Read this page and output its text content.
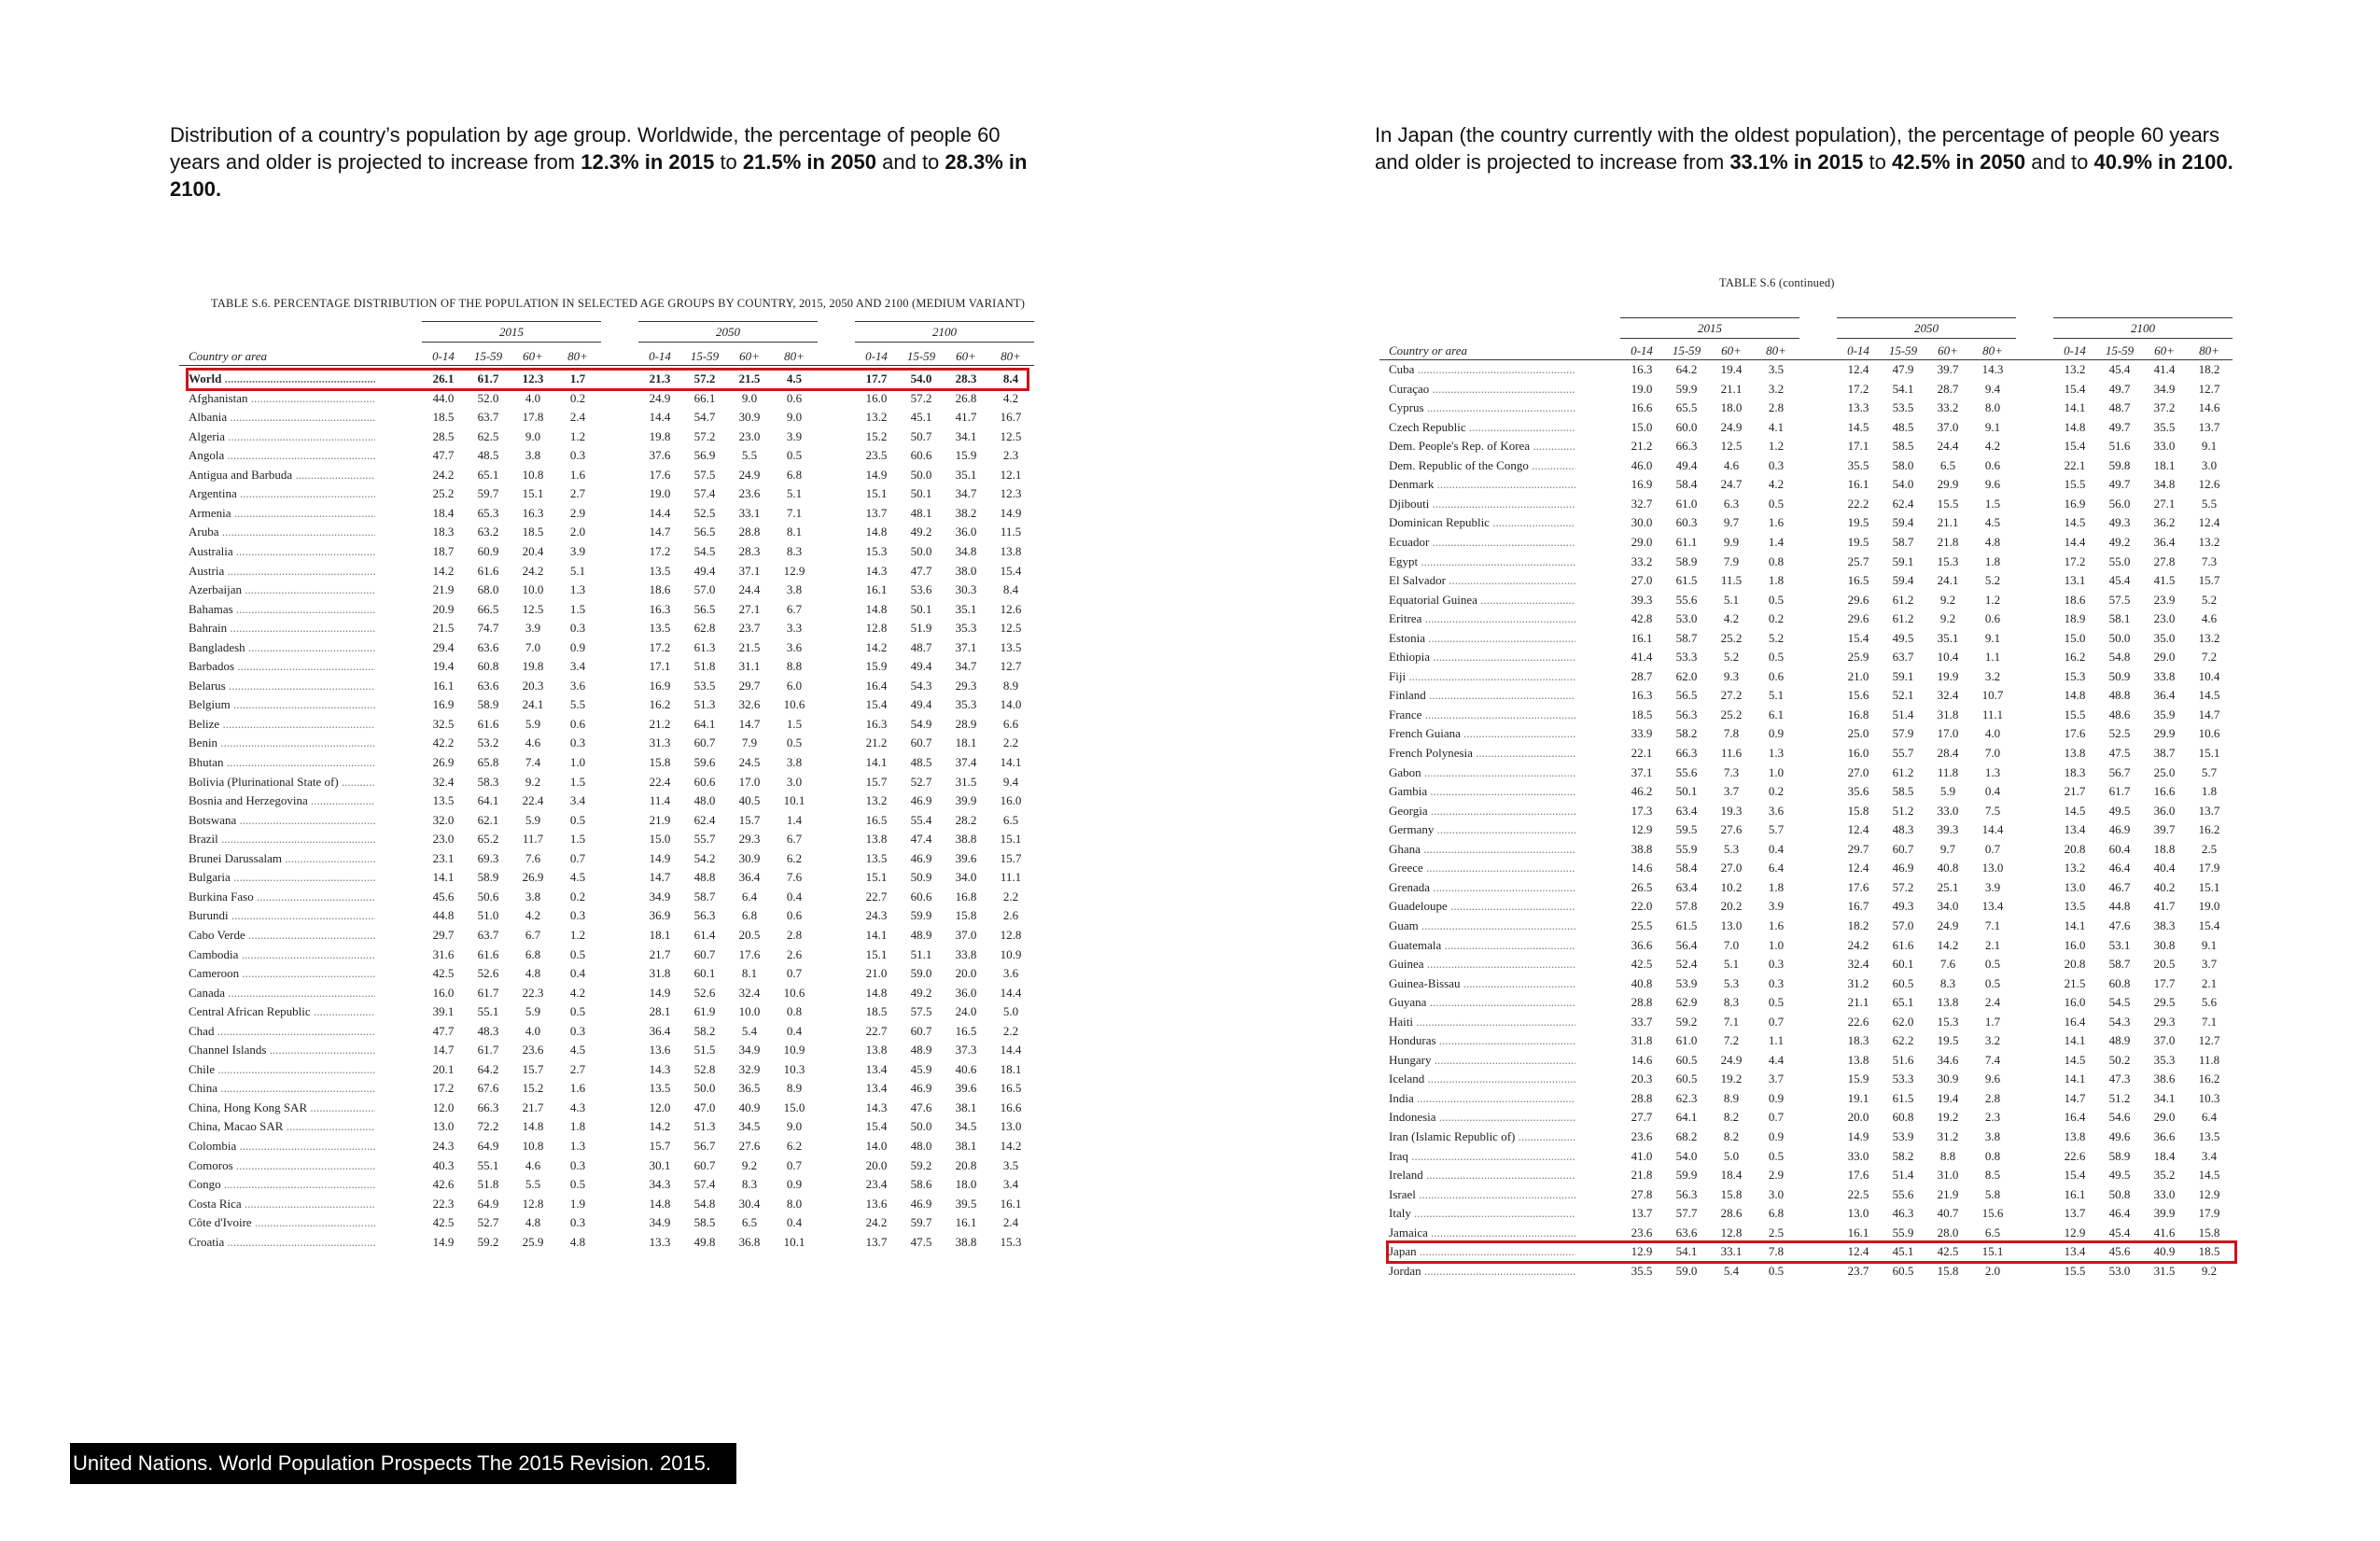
Distribution of a country’s population by age group. Worldwide, the percentage of people 60 years and older is projected to increase from 12.3% in 2015 to 21.5% in 2050 and to 28.3% in 2100.
In Japan (the country currently with the oldest population), the percentage of people 60 years and older is projected to increase from 33.1% in 2015 to 42.5% in 2050 and to 40.9% in 2100.
TABLE S.6. PERCENTAGE DISTRIBUTION OF THE POPULATION IN SELECTED AGE GROUPS BY COUNTRY, 2015, 2050 AND 2100 (MEDIUM VARIANT)
2015	2050	2100
Country or area	0-14	15-59	60+	80+	0-14	15-59	60+	80+	0-14	15-59	60+	80+
World .....	26.1	61.7	12.3	1.7	21.3	57.2	21.5	4.5	17.7	54.0	28.3	8.4
Afghanistan .....	44.0	52.0	4.0	0.2	24.9	66.1	9.0	0.6	16.0	57.2	26.8	4.2
Albania .....	18.5	63.7	17.8	2.4	14.4	54.7	30.9	9.0	13.2	45.1	41.7	16.7
Algeria .....	28.5	62.5	9.0	1.2	19.8	57.2	23.0	3.9	15.2	50.7	34.1	12.5
Angola .....	47.7	48.5	3.8	0.3	37.6	56.9	5.5	0.5	23.5	60.6	15.9	2.3
Antigua and Barbuda .....	24.2	65.1	10.8	1.6	17.6	57.5	24.9	6.8	14.9	50.0	35.1	12.1
Argentina .....	25.2	59.7	15.1	2.7	19.0	57.4	23.6	5.1	15.1	50.1	34.7	12.3
Armenia .....	18.4	65.3	16.3	2.9	14.4	52.5	33.1	7.1	13.7	48.1	38.2	14.9
Aruba .....	18.3	63.2	18.5	2.0	14.7	56.5	28.8	8.1	14.8	49.2	36.0	11.5
Australia .....	18.7	60.9	20.4	3.9	17.2	54.5	28.3	8.3	15.3	50.0	34.8	13.8
Austria .....	14.2	61.6	24.2	5.1	13.5	49.4	37.1	12.9	14.3	47.7	38.0	15.4
Azerbaijan .....	21.9	68.0	10.0	1.3	18.6	57.0	24.4	3.8	16.1	53.6	30.3	8.4
Bahamas .....	20.9	66.5	12.5	1.5	16.3	56.5	27.1	6.7	14.8	50.1	35.1	12.6
Bahrain .....	21.5	74.7	3.9	0.3	13.5	62.8	23.7	3.3	12.8	51.9	35.3	12.5
Bangladesh .....	29.4	63.6	7.0	0.9	17.2	61.3	21.5	3.6	14.2	48.7	37.1	13.5
Barbados .....	19.4	60.8	19.8	3.4	17.1	51.8	31.1	8.8	15.9	49.4	34.7	12.7
Belarus .....	16.1	63.6	20.3	3.6	16.9	53.5	29.7	6.0	16.4	54.3	29.3	8.9
Belgium .....	16.9	58.9	24.1	5.5	16.2	51.3	32.6	10.6	15.4	49.4	35.3	14.0
Belize .....	32.5	61.6	5.9	0.6	21.2	64.1	14.7	1.5	16.3	54.9	28.9	6.6
Benin .....	42.2	53.2	4.6	0.3	31.3	60.7	7.9	0.5	21.2	60.7	18.1	2.2
Bhutan .....	26.9	65.8	7.4	1.0	15.8	59.6	24.5	3.8	14.1	48.5	37.4	14.1
Bolivia (Plurinational State of) .....	32.4	58.3	9.2	1.5	22.4	60.6	17.0	3.0	15.7	52.7	31.5	9.4
Bosnia and Herzegovina .....	13.5	64.1	22.4	3.4	11.4	48.0	40.5	10.1	13.2	46.9	39.9	16.0
Botswana .....	32.0	62.1	5.9	0.5	21.9	62.4	15.7	1.4	16.5	55.4	28.2	6.5
Brazil .....	23.0	65.2	11.7	1.5	15.0	55.7	29.3	6.7	13.8	47.4	38.8	15.1
Brunei Darussalam .....	23.1	69.3	7.6	0.7	14.9	54.2	30.9	6.2	13.5	46.9	39.6	15.7
Bulgaria .....	14.1	58.9	26.9	4.5	14.7	48.8	36.4	7.6	15.1	50.9	34.0	11.1
Burkina Faso .....	45.6	50.6	3.8	0.2	34.9	58.7	6.4	0.4	22.7	60.6	16.8	2.2
Burundi .....	44.8	51.0	4.2	0.3	36.9	56.3	6.8	0.6	24.3	59.9	15.8	2.6
Cabo Verde .....	29.7	63.7	6.7	1.2	18.1	61.4	20.5	2.8	14.1	48.9	37.0	12.8
Cambodia .....	31.6	61.6	6.8	0.5	21.7	60.7	17.6	2.6	15.1	51.1	33.8	10.9
Cameroon .....	42.5	52.6	4.8	0.4	31.8	60.1	8.1	0.7	21.0	59.0	20.0	3.6
Canada .....	16.0	61.7	22.3	4.2	14.9	52.6	32.4	10.6	14.8	49.2	36.0	14.4
Central African Republic .....	39.1	55.1	5.9	0.5	28.1	61.9	10.0	0.8	18.5	57.5	24.0	5.0
Chad .....	47.7	48.3	4.0	0.3	36.4	58.2	5.4	0.4	22.7	60.7	16.5	2.2
Channel Islands .....	14.7	61.7	23.6	4.5	13.6	51.5	34.9	10.9	13.8	48.9	37.3	14.4
Chile .....	20.1	64.2	15.7	2.7	14.3	52.8	32.9	10.3	13.4	45.9	40.6	18.1
China .....	17.2	67.6	15.2	1.6	13.5	50.0	36.5	8.9	13.4	46.9	39.6	16.5
China, Hong Kong SAR .....	12.0	66.3	21.7	4.3	12.0	47.0	40.9	15.0	14.3	47.6	38.1	16.6
China, Macao SAR .....	13.0	72.2	14.8	1.8	14.2	51.3	34.5	9.0	15.4	50.0	34.5	13.0
Colombia .....	24.3	64.9	10.8	1.3	15.7	56.7	27.6	6.2	14.0	48.0	38.1	14.2
Comoros .....	40.3	55.1	4.6	0.3	30.1	60.7	9.2	0.7	20.0	59.2	20.8	3.5
Congo .....	42.6	51.8	5.5	0.5	34.3	57.4	8.3	0.9	23.4	58.6	18.0	3.4
Costa Rica .....	22.3	64.9	12.8	1.9	14.8	54.8	30.4	8.0	13.6	46.9	39.5	16.1
Côte d'Ivoire .....	42.5	52.7	4.8	0.3	34.9	58.5	6.5	0.4	24.2	59.7	16.1	2.4
Croatia .....	14.9	59.2	25.9	4.8	13.3	49.8	36.8	10.1	13.7	47.5	38.8	15.3
TABLE S.6 (continued)
2015	2050	2100
Country or area	0-14	15-59	60+	80+	0-14	15-59	60+	80+	0-14	15-59	60+	80+
Cuba .....	16.3	64.2	19.4	3.5	12.4	47.9	39.7	14.3	13.2	45.4	41.4	18.2
Curaçao .....	19.0	59.9	21.1	3.2	17.2	54.1	28.7	9.4	15.4	49.7	34.9	12.7
Cyprus .....	16.6	65.5	18.0	2.8	13.3	53.5	33.2	8.0	14.1	48.7	37.2	14.6
Czech Republic .....	15.0	60.0	24.9	4.1	14.5	48.5	37.0	9.1	14.8	49.7	35.5	13.7
Dem. People's Rep. of Korea .....	21.2	66.3	12.5	1.2	17.1	58.5	24.4	4.2	15.4	51.6	33.0	9.1
Dem. Republic of the Congo .....	46.0	49.4	4.6	0.3	35.5	58.0	6.5	0.6	22.1	59.8	18.1	3.0
Denmark .....	16.9	58.4	24.7	4.2	16.1	54.0	29.9	9.6	15.5	49.7	34.8	12.6
Djibouti .....	32.7	61.0	6.3	0.5	22.2	62.4	15.5	1.5	16.9	56.0	27.1	5.5
Dominican Republic .....	30.0	60.3	9.7	1.6	19.5	59.4	21.1	4.5	14.5	49.3	36.2	12.4
Ecuador .....	29.0	61.1	9.9	1.4	19.5	58.7	21.8	4.8	14.4	49.2	36.4	13.2
Egypt .....	33.2	58.9	7.9	0.8	25.7	59.1	15.3	1.8	17.2	55.0	27.8	7.3
El Salvador .....	27.0	61.5	11.5	1.8	16.5	59.4	24.1	5.2	13.1	45.4	41.5	15.7
Equatorial Guinea .....	39.3	55.6	5.1	0.5	29.6	61.2	9.2	1.2	18.6	57.5	23.9	5.2
Eritrea .....	42.8	53.0	4.2	0.2	29.6	61.2	9.2	0.6	18.9	58.1	23.0	4.6
Estonia .....	16.1	58.7	25.2	5.2	15.4	49.5	35.1	9.1	15.0	50.0	35.0	13.2
Ethiopia .....	41.4	53.3	5.2	0.5	25.9	63.7	10.4	1.1	16.2	54.8	29.0	7.2
Fiji .....	28.7	62.0	9.3	0.6	21.0	59.1	19.9	3.2	15.3	50.9	33.8	10.4
Finland .....	16.3	56.5	27.2	5.1	15.6	52.1	32.4	10.7	14.8	48.8	36.4	14.5
France .....	18.5	56.3	25.2	6.1	16.8	51.4	31.8	11.1	15.5	48.6	35.9	14.7
French Guiana .....	33.9	58.2	7.8	0.9	25.0	57.9	17.0	4.0	17.6	52.5	29.9	10.6
French Polynesia .....	22.1	66.3	11.6	1.3	16.0	55.7	28.4	7.0	13.8	47.5	38.7	15.1
Gabon .....	37.1	55.6	7.3	1.0	27.0	61.2	11.8	1.3	18.3	56.7	25.0	5.7
Gambia .....	46.2	50.1	3.7	0.2	35.6	58.5	5.9	0.4	21.7	61.7	16.6	1.8
Georgia .....	17.3	63.4	19.3	3.6	15.8	51.2	33.0	7.5	14.5	49.5	36.0	13.7
Germany .....	12.9	59.5	27.6	5.7	12.4	48.3	39.3	14.4	13.4	46.9	39.7	16.2
Ghana .....	38.8	55.9	5.3	0.4	29.7	60.7	9.7	0.7	20.8	60.4	18.8	2.5
Greece .....	14.6	58.4	27.0	6.4	12.4	46.9	40.8	13.0	13.2	46.4	40.4	17.9
Grenada .....	26.5	63.4	10.2	1.8	17.6	57.2	25.1	3.9	13.0	46.7	40.2	15.1
Guadeloupe .....	22.0	57.8	20.2	3.9	16.7	49.3	34.0	13.4	13.5	44.8	41.7	19.0
Guam .....	25.5	61.5	13.0	1.6	18.2	57.0	24.9	7.1	14.1	47.6	38.3	15.4
Guatemala .....	36.6	56.4	7.0	1.0	24.2	61.6	14.2	2.1	16.0	53.1	30.8	9.1
Guinea .....	42.5	52.4	5.1	0.3	32.4	60.1	7.6	0.5	20.8	58.7	20.5	3.7
Guinea-Bissau .....	40.8	53.9	5.3	0.3	31.2	60.5	8.3	0.5	21.5	60.8	17.7	2.1
Guyana .....	28.8	62.9	8.3	0.5	21.1	65.1	13.8	2.4	16.0	54.5	29.5	5.6
Haiti .....	33.7	59.2	7.1	0.7	22.6	62.0	15.3	1.7	16.4	54.3	29.3	7.1
Honduras .....	31.8	61.0	7.2	1.1	18.3	62.2	19.5	3.2	14.1	48.9	37.0	12.7
Hungary .....	14.6	60.5	24.9	4.4	13.8	51.6	34.6	7.4	14.5	50.2	35.3	11.8
Iceland .....	20.3	60.5	19.2	3.7	15.9	53.3	30.9	9.6	14.1	47.3	38.6	16.2
India .....	28.8	62.3	8.9	0.9	19.1	61.5	19.4	2.8	14.7	51.2	34.1	10.3
Indonesia .....	27.7	64.1	8.2	0.7	20.0	60.8	19.2	2.3	16.4	54.6	29.0	6.4
Iran (Islamic Republic of) .....	23.6	68.2	8.2	0.9	14.9	53.9	31.2	3.8	13.8	49.6	36.6	13.5
Iraq .....	41.0	54.0	5.0	0.5	33.0	58.2	8.8	0.8	22.6	58.9	18.4	3.4
Ireland .....	21.8	59.9	18.4	2.9	17.6	51.4	31.0	8.5	15.4	49.5	35.2	14.5
Israel .....	27.8	56.3	15.8	3.0	22.5	55.6	21.9	5.8	16.1	50.8	33.0	12.9
Italy .....	13.7	57.7	28.6	6.8	13.0	46.3	40.7	15.6	13.7	46.4	39.9	17.9
Jamaica .....	23.6	63.6	12.8	2.5	16.1	55.9	28.0	6.5	12.9	45.4	41.6	15.8
Japan .....	12.9	54.1	33.1	7.8	12.4	45.1	42.5	15.1	13.4	45.6	40.9	18.5
Jordan .....	35.5	59.0	5.4	0.5	23.7	60.5	15.8	2.0	15.5	53.0	31.5	9.2
United Nations. World Population Prospects The 2015 Revision. 2015.
